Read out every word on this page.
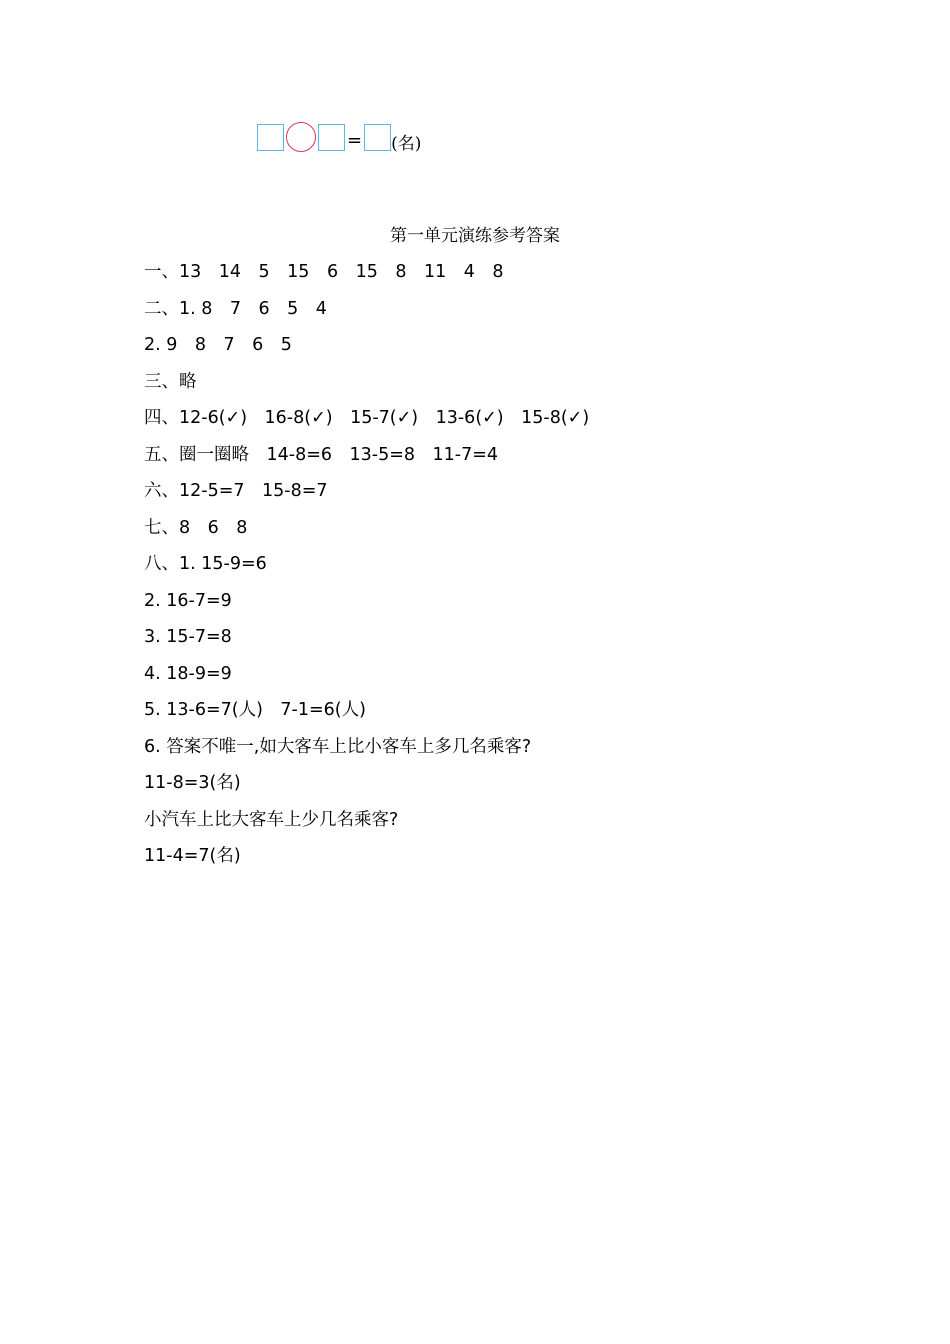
= (名)
第一单元演练参考答案
一、13　14　5　15　6　15　8　11　4　8
二、1. 8　7　6　5　4
2. 9　8　7　6　5
三、略
四、12-6(✓)　16-8(✓)　15-7(✓)　13-6(✓)　15-8(✓)
五、圈一圈略　14-8=6　13-5=8　11-7=4
六、12-5=7　15-8=7
七、8　6　8
八、1. 15-9=6
2. 16-7=9
3. 15-7=8
4. 18-9=9
5. 13-6=7(人)　7-1=6(人)
6. 答案不唯一,如大客车上比小客车上多几名乘客?
11-8=3(名)
小汽车上比大客车上少几名乘客?
11-4=7(名)
